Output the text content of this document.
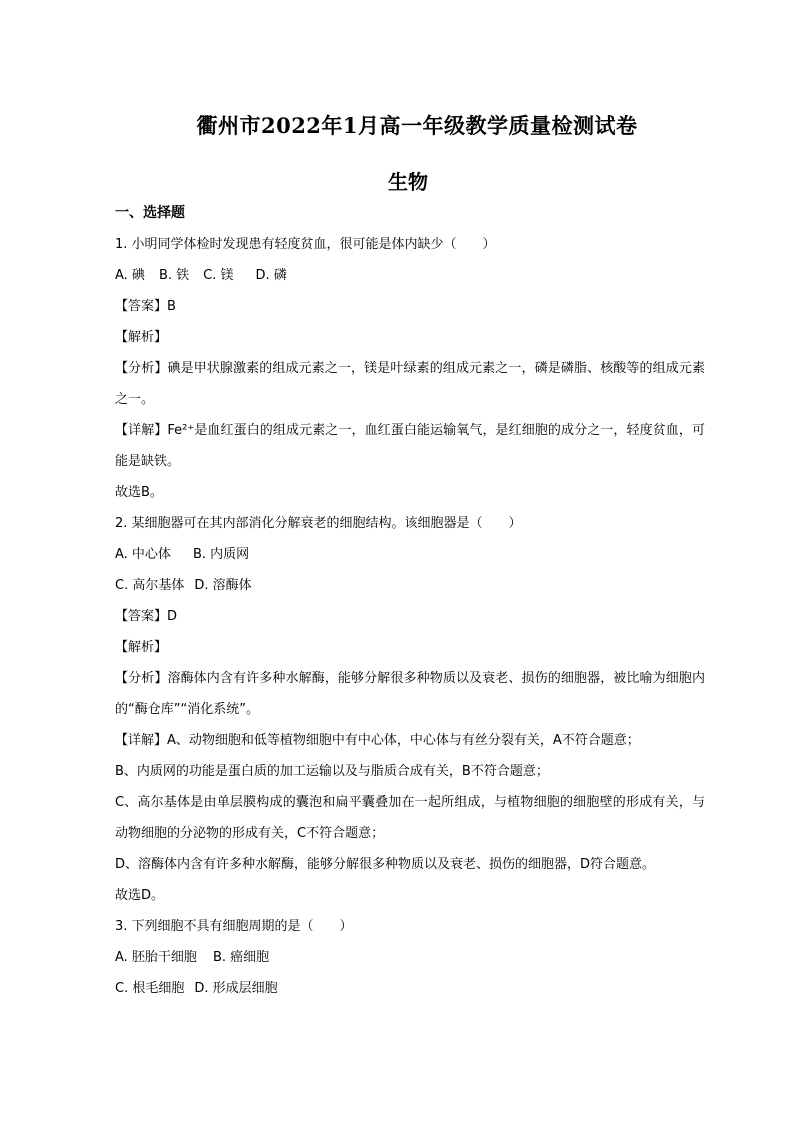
衢州市2022年1月高一年级教学质量检测试卷
生物

一、选择题

1. 小明同学体检时发现患有轻度贫血，很可能是体内缺少（　　）

A. 碘 B. 铁 C. 镁 D. 磷

【答案】B

【解析】

【分析】碘是甲状腺激素的组成元素之一，镁是叶绿素的组成元素之一，磷是磷脂、核酸等的组成元素之一。

【详解】Fe²⁺是血红蛋白的组成元素之一，血红蛋白能运输氧气，是红细胞的成分之一，轻度贫血，可能是缺铁。

故选B。

2. 某细胞器可在其内部消化分解衰老的细胞结构。该细胞器是（　　）

A. 中心体 B. 内质网

C. 高尔基体 D. 溶酶体

【答案】D

【解析】

【分析】溶酶体内含有许多种水解酶，能够分解很多种物质以及衰老、损伤的细胞器，被比喻为细胞内的“酶仓库”“消化系统”。

【详解】A、动物细胞和低等植物细胞中有中心体，中心体与有丝分裂有关，A不符合题意；

B、内质网的功能是蛋白质的加工运输以及与脂质合成有关，B不符合题意；

C、高尔基体是由单层膜构成的囊泡和扁平囊叠加在一起所组成，与植物细胞的细胞壁的形成有关，与动物细胞的分泌物的形成有关，C不符合题意；

D、溶酶体内含有许多种水解酶，能够分解很多种物质以及衰老、损伤的细胞器，D符合题意。

故选D。

3. 下列细胞不具有细胞周期的是（　　）

A. 胚胎干细胞 B. 癌细胞

C. 根毛细胞 D. 形成层细胞
